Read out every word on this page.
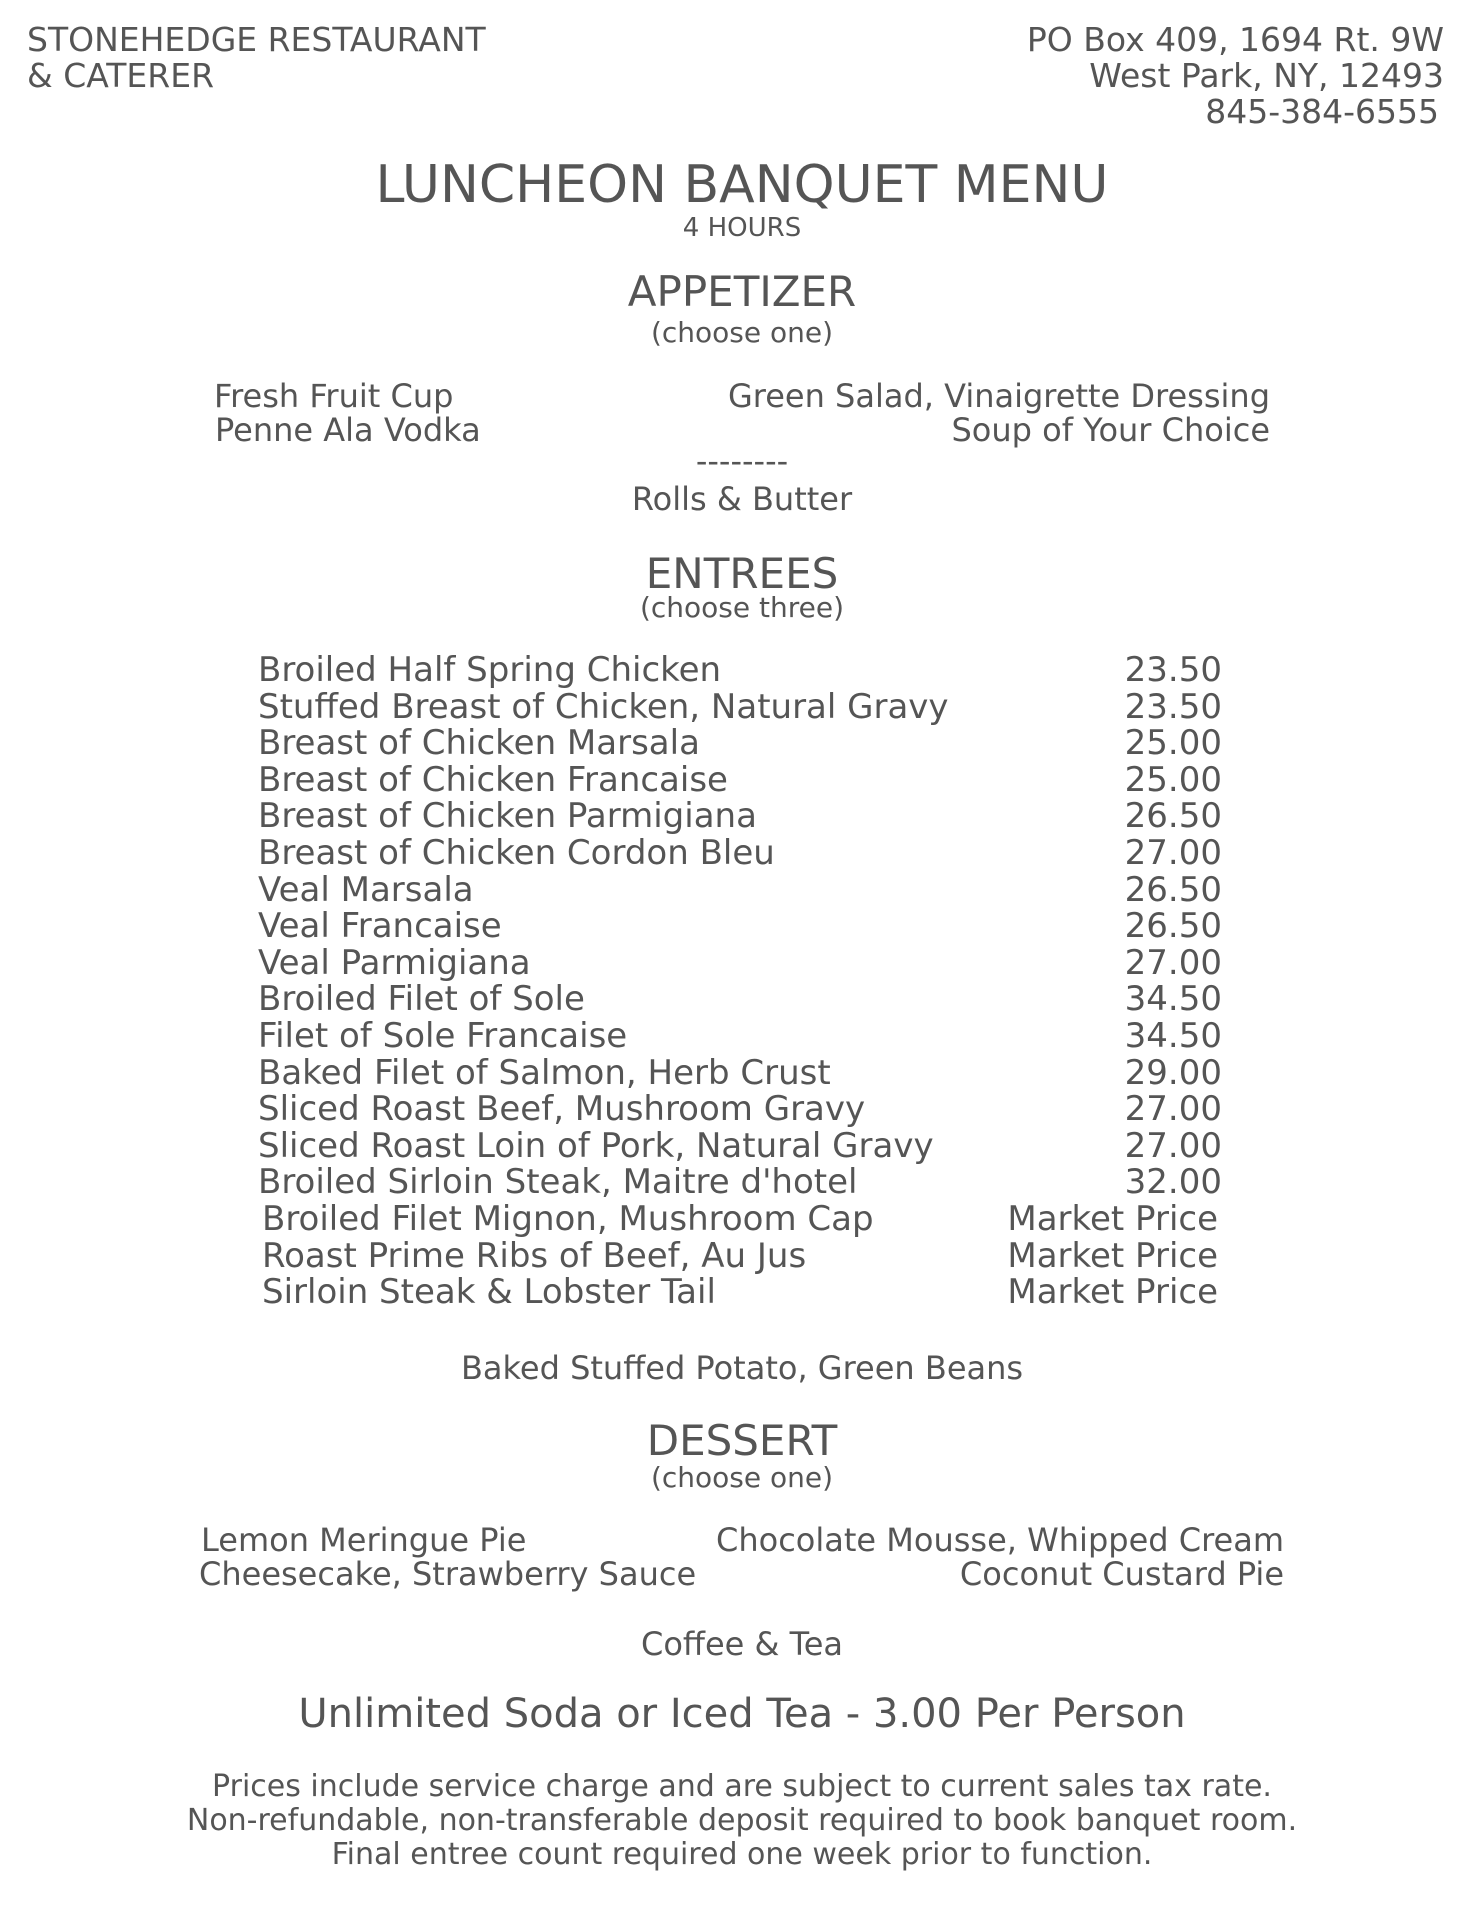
STONEHEDGE RESTAURANT
& CATERER
PO Box 409, 1694 Rt. 9W
West Park, NY, 12493
845-384-6555
LUNCHEON BANQUET MENU
4 HOURS
APPETIZER
(choose one)
Fresh Fruit Cup	Green Salad, Vinaigrette Dressing
Penne Ala Vodka	Soup of Your Choice
--------
Rolls & Butter
ENTREES
(choose three)
Broiled Half Spring Chicken	23.50
Stuffed Breast of Chicken, Natural Gravy	23.50
Breast of Chicken Marsala	25.00
Breast of Chicken Francaise	25.00
Breast of Chicken Parmigiana	26.50
Breast of Chicken Cordon Bleu	27.00
Veal Marsala	26.50
Veal Francaise	26.50
Veal Parmigiana	27.00
Broiled Filet of Sole	34.50
Filet of Sole Francaise	34.50
Baked Filet of Salmon, Herb Crust	29.00
Sliced Roast Beef, Mushroom Gravy	27.00
Sliced Roast Loin of Pork, Natural Gravy	27.00
Broiled Sirloin Steak, Maitre d'hotel	32.00
Broiled Filet Mignon, Mushroom Cap	Market Price
Roast Prime Ribs of Beef, Au Jus	Market Price
Sirloin Steak & Lobster Tail	Market Price
Baked Stuffed Potato, Green Beans
DESSERT
(choose one)
Lemon Meringue Pie	Chocolate Mousse, Whipped Cream
Cheesecake, Strawberry Sauce	Coconut Custard Pie
Coffee & Tea
Unlimited Soda or Iced Tea - 3.00 Per Person
Prices include service charge and are subject to current sales tax rate.
Non-refundable, non-transferable deposit required to book banquet room.
Final entree count required one week prior to function.
